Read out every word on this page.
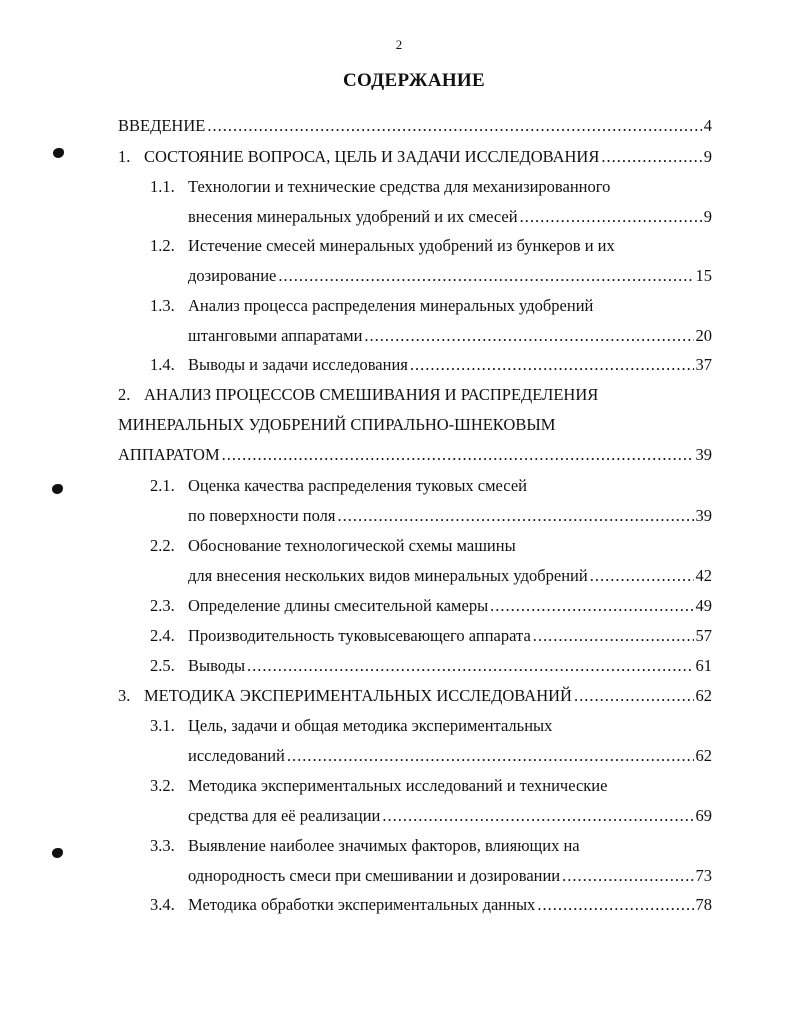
2
СОДЕРЖАНИЕ
ВВЕДЕНИЕ .....	4
1. СОСТОЯНИЕ ВОПРОСА, ЦЕЛЬ И ЗАДАЧИ ИССЛЕДОВАНИЯ .....	9
1.1. Технологии и технические средства для механизированного
внесения минеральных удобрений и их смесей .....	9
1.2. Истечение смесей минеральных удобрений из бункеров и их
дозирование .....	15
1.3. Анализ процесса распределения минеральных удобрений
штанговыми аппаратами .....	20
1.4. Выводы и задачи исследования .....	37
2. АНАЛИЗ ПРОЦЕССОВ СМЕШИВАНИЯ И РАСПРЕДЕЛЕНИЯ
МИНЕРАЛЬНЫХ УДОБРЕНИЙ СПИРАЛЬНО-ШНЕКОВЫМ
АППАРАТОМ .....	39
2.1. Оценка качества распределения туковых смесей
по поверхности поля .....	39
2.2. Обоснование технологической схемы машины
для внесения нескольких видов минеральных удобрений .....	42
2.3. Определение длины смесительной камеры .....	49
2.4. Производительность туковысевающего аппарата .....	57
2.5. Выводы .....	61
3. МЕТОДИКА ЭКСПЕРИМЕНТАЛЬНЫХ ИССЛЕДОВАНИЙ .....	62
3.1. Цель, задачи и общая методика экспериментальных
исследований .....	62
3.2. Методика экспериментальных исследований и технические
средства для её реализации .....	69
3.3. Выявление наиболее значимых факторов, влияющих на
однородность смеси при смешивании и дозировании .....	73
3.4. Методика обработки экспериментальных данных .....	78
